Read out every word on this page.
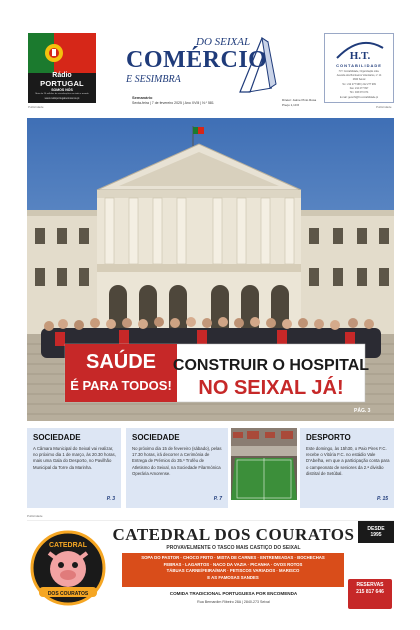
Rádio
PORTUGAL
SOMOS NÓS
Mais de 25 milhões de visualizações em todo o mundo
www.radioportugalsomosnos.pt
Publicidade
DO SEIXAL
COMÉRCIO
E SESIMBRA
Semanário
Sexta-feira | 7 de fevereiro 2025 | Ano XVIII | N.º 581
Diretor: Jaime Pinto Rosa
Preço 1,10 €
H.T.
CONTABILIDADE
H.T. Contabilidade, Organização Ltda.
Avenida dos Bombeiros Voluntários, nº 14
2840 Seixal
Tel.: 212 277 998 | 212 277 999
Fax: 212 277 997
Tlm: 933 673 074
E-mail: geral.ht@ht-contabilidade.pt
Publicidade
SAÚDE
É PARA TODOS!
CONSTRUIR O HOSPITAL
NO SEIXAL JÁ!
PÁG. 3
SOCIEDADE
A Câmara Municipal do Seixal vai realizar, no próximo dia 1 de março, às 20.30 horas, mais uma Gala do Desporto, no Pavilhão Municipal da Torre da Marinha.
P. 3
SOCIEDADE
No próximo dia 15 de fevereiro (sábado), pelas 17.30 horas, irá decorrer a Cerimónia de Entrega de Prémios do 35.º Troféu de Atletismo do Seixal, na Sociedade Filarmónica Operária Amorense.
P. 7
DESPORTO
Este domingo, às 15h30, o Paio Pires F.C. recebe o Vitória F.C. no estádio Vale D'Abelha, em que a participação conta para o campeonato de seniores da 2.ª divisão distrital de Setúbal.
P. 15
Publicidade
CATEDRAL
DOS COURATOS
CATEDRAL DOS COURATOS
PROVAVELMENTE O TASCO MAIS CASTIÇO DO SEIXAL
SOPA DO PASTOR · CHOCO FRITO · MISTA DE CARNES · ENTREMEADAS · BOCHECHAS
FEBRAS · LAGARTOS · NACO DA VAZIA · PICANHA · OVOS ROTOS
TÁBUAS CARNE/FEIRA/MAR · PETISCOS VARIADOS · MARISCO
E AS FAMOSAS SANDES
COMIDA TRADICIONAL PORTUGUESA POR ENCOMENDA
Rua Bernardim Ribeiro 28A | 2840-273 Seixal
DESDE
1995
RESERVAS
215 817 646
